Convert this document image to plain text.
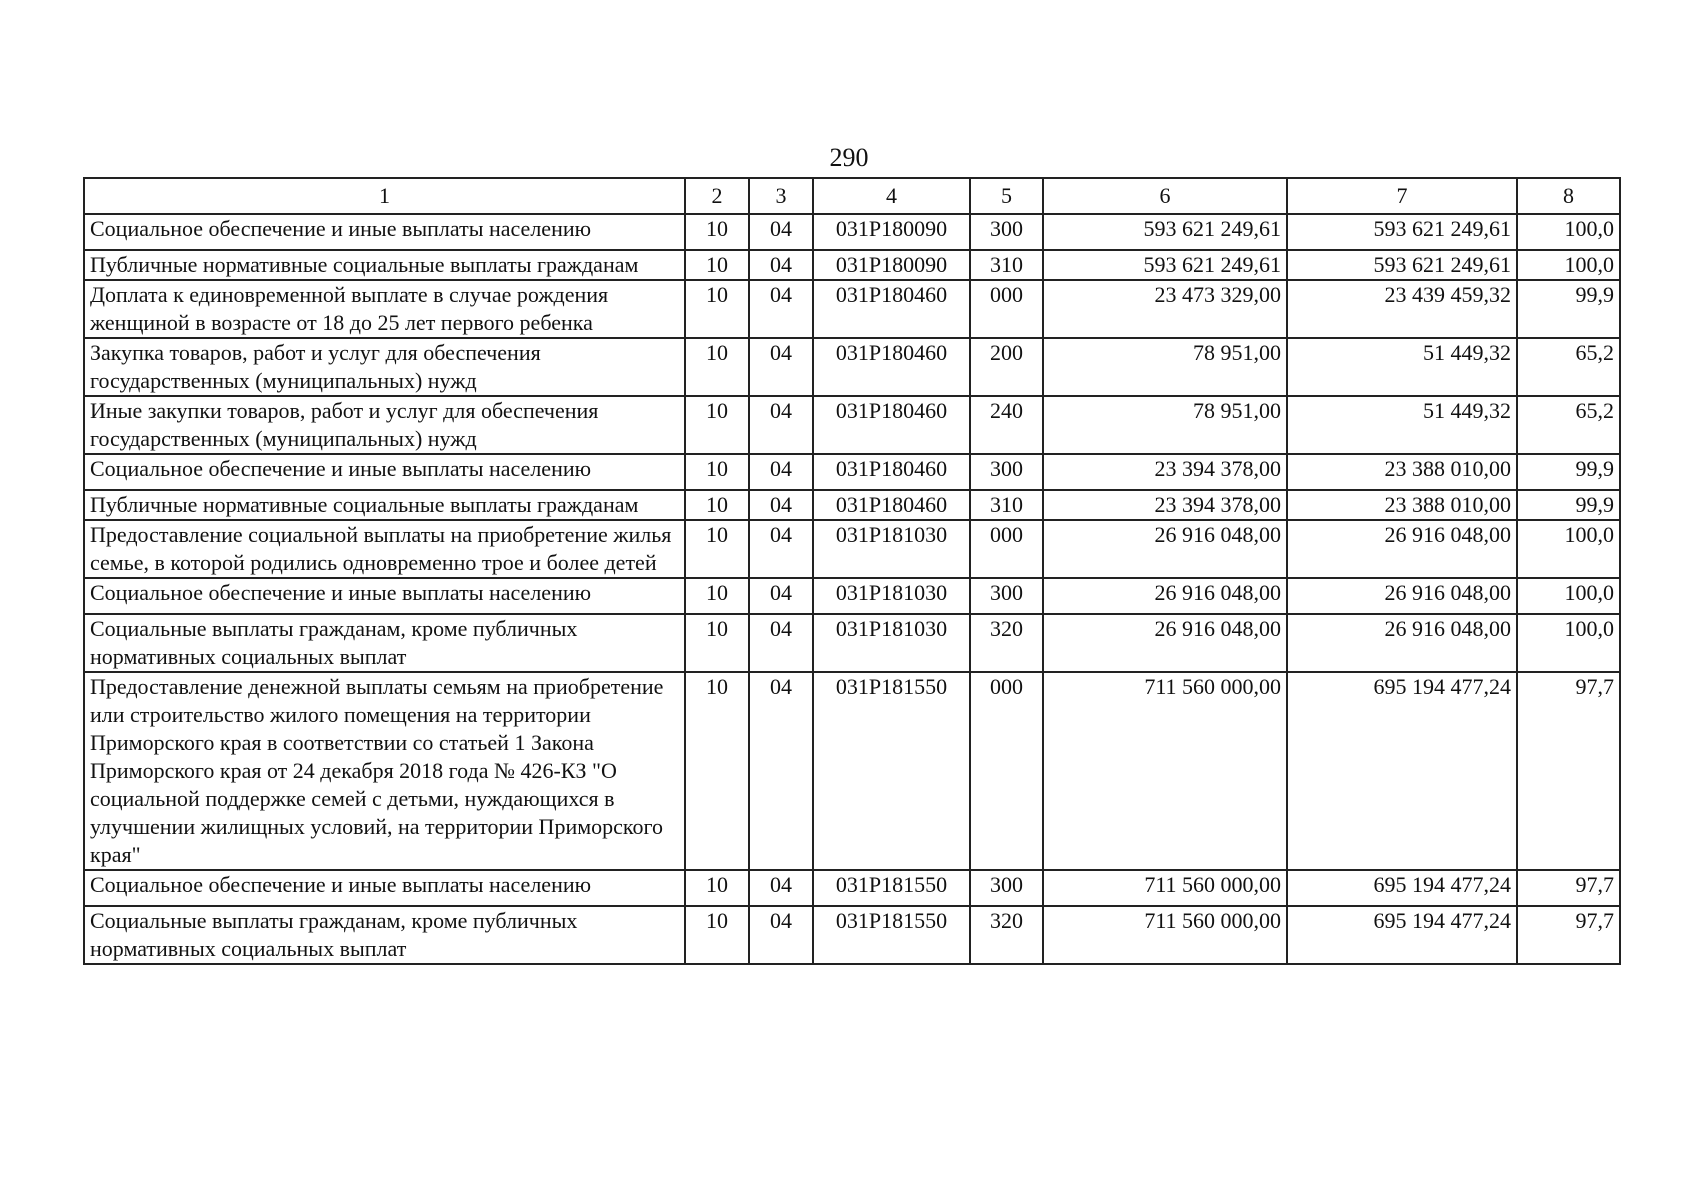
290
1	2	3	4	5	6	7	8
Социальное обеспечение и иные выплаты населению	10	04	031P180090	300	593 621 249,61	593 621 249,61	100,0
Публичные нормативные социальные выплаты гражданам	10	04	031P180090	310	593 621 249,61	593 621 249,61	100,0
Доплата к единовременной выплате в случае рождения женщиной в возрасте от 18 до 25 лет первого ребенка	10	04	031P180460	000	23 473 329,00	23 439 459,32	99,9
Закупка товаров, работ и услуг для обеспечения государственных (муниципальных) нужд	10	04	031P180460	200	78 951,00	51 449,32	65,2
Иные закупки товаров, работ и услуг для обеспечения государственных (муниципальных) нужд	10	04	031P180460	240	78 951,00	51 449,32	65,2
Социальное обеспечение и иные выплаты населению	10	04	031P180460	300	23 394 378,00	23 388 010,00	99,9
Публичные нормативные социальные выплаты гражданам	10	04	031P180460	310	23 394 378,00	23 388 010,00	99,9
Предоставление социальной выплаты на приобретение жилья семье, в которой родились одновременно трое и более детей	10	04	031P181030	000	26 916 048,00	26 916 048,00	100,0
Социальное обеспечение и иные выплаты населению	10	04	031P181030	300	26 916 048,00	26 916 048,00	100,0
Социальные выплаты гражданам, кроме публичных нормативных социальных выплат	10	04	031P181030	320	26 916 048,00	26 916 048,00	100,0
Предоставление денежной выплаты семьям на приобретение или строительство жилого помещения на территории Приморского края в соответствии со статьей 1 Закона Приморского края от 24 декабря 2018 года № 426-КЗ "О социальной поддержке семей с детьми, нуждающихся в улучшении жилищных условий, на территории Приморского края"	10	04	031P181550	000	711 560 000,00	695 194 477,24	97,7
Социальное обеспечение и иные выплаты населению	10	04	031P181550	300	711 560 000,00	695 194 477,24	97,7
Социальные выплаты гражданам, кроме публичных нормативных социальных выплат	10	04	031P181550	320	711 560 000,00	695 194 477,24	97,7
